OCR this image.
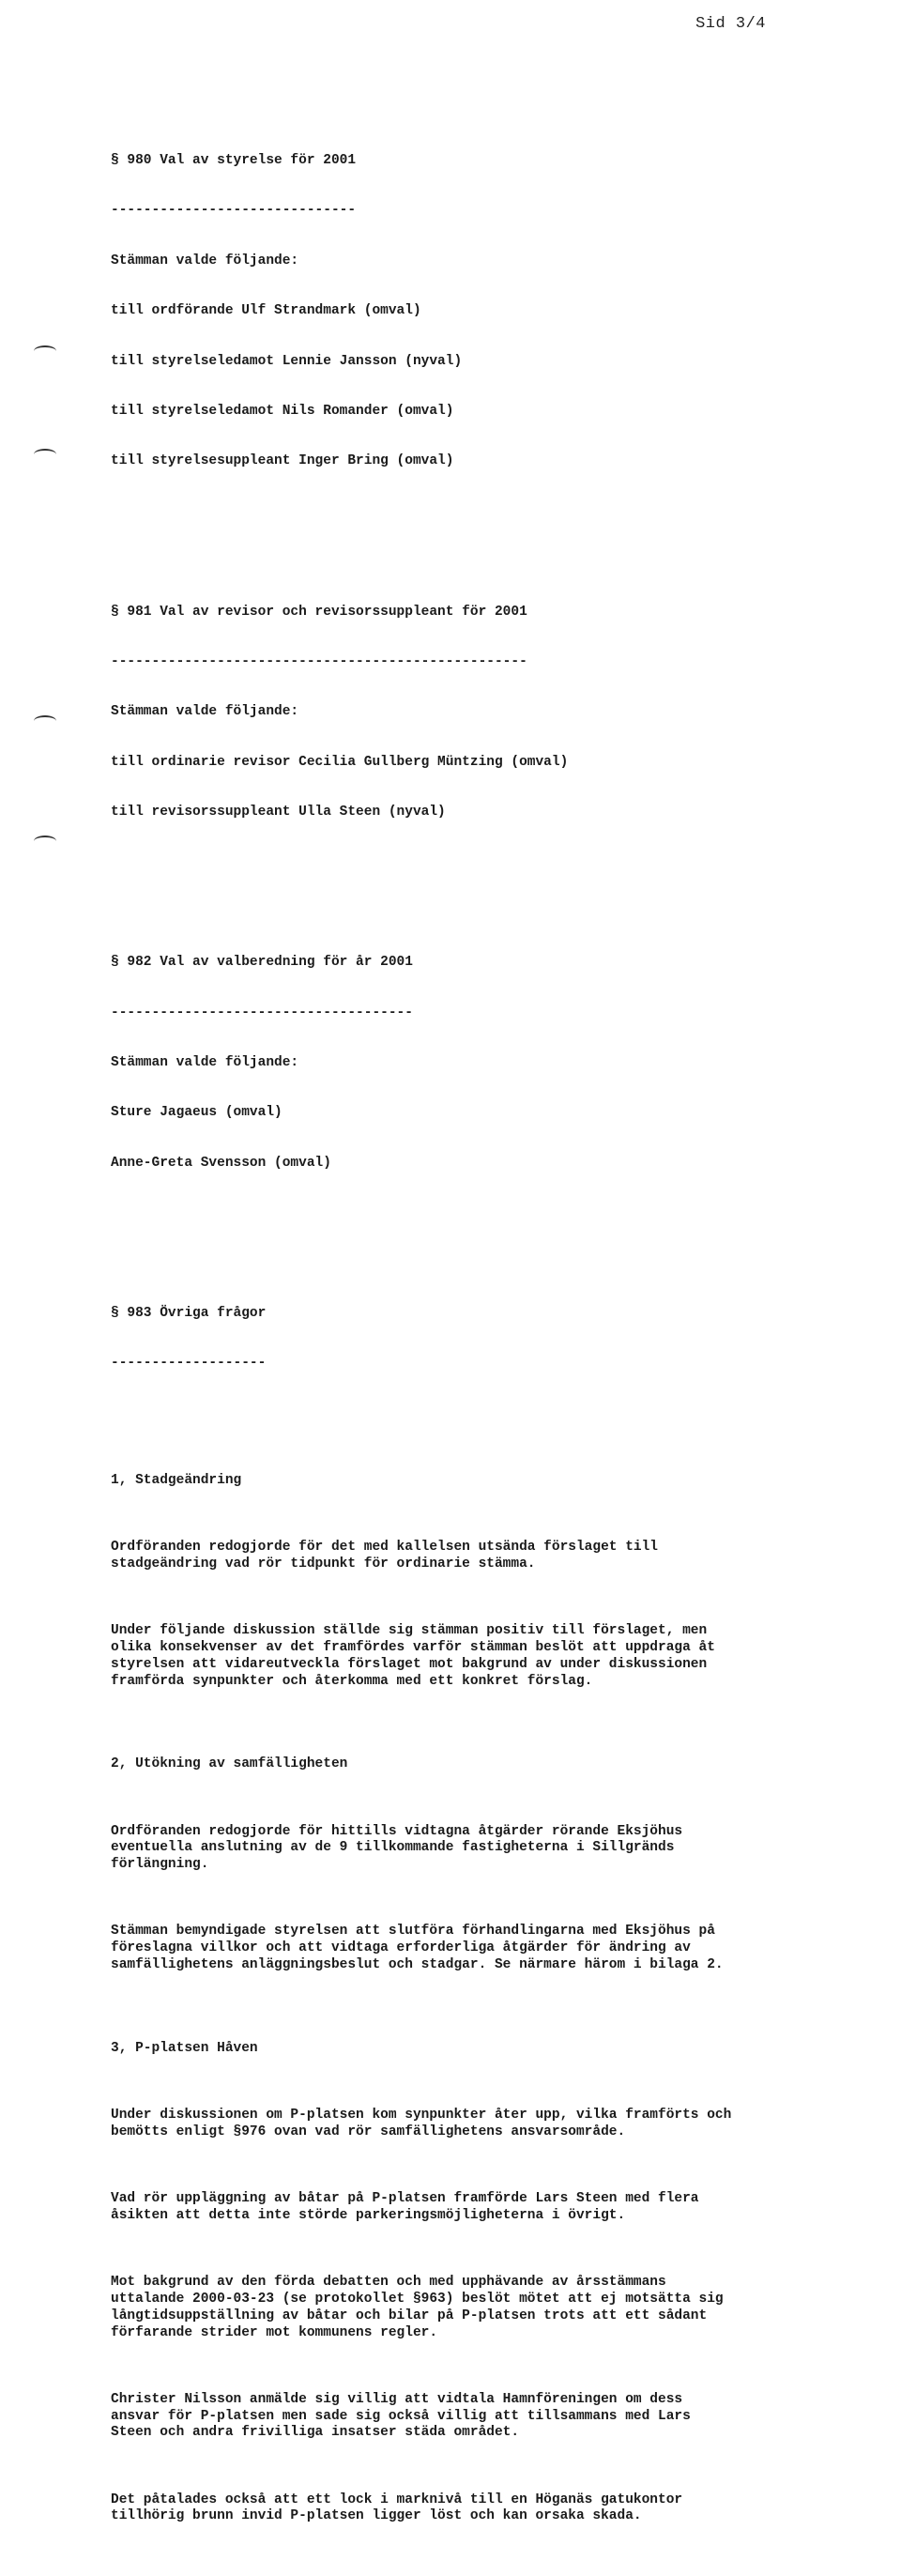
Sid 3/4

§ 980 Val av styrelse för 2001

------------------------------

Stämman valde följande:

till ordförande Ulf Strandmark (omval)

till styrelseledamot Lennie Jansson (nyval)

till styrelseledamot Nils Romander (omval)

till styrelsesuppleant Inger Bring (omval)

§ 981 Val av revisor och revisorssuppleant för 2001

---------------------------------------------------

Stämman valde följande:

till ordinarie revisor Cecilia Gullberg Müntzing (omval)

till revisorssuppleant Ulla Steen (nyval)

§ 982 Val av valberedning för år 2001

-------------------------------------

Stämman valde följande:

Sture Jagaeus (omval)

Anne-Greta Svensson (omval)

§ 983 Övriga frågor

-------------------

1, Stadgeändring

Ordföranden redogjorde för det med kallelsen utsända förslaget till
stadgeändring vad rör tidpunkt för ordinarie stämma.

Under följande diskussion ställde sig stämman positiv till förslaget, men
olika konsekvenser av det framfördes varför stämman beslöt att uppdraga åt
styrelsen att vidareutveckla förslaget mot bakgrund av under diskussionen
framförda synpunkter och återkomma med ett konkret förslag.

2, Utökning av samfälligheten

Ordföranden redogjorde för hittills vidtagna åtgärder rörande Eksjöhus
eventuella anslutning av de 9 tillkommande fastigheterna i Sillgränds
förlängning.

Stämman bemyndigade styrelsen att slutföra förhandlingarna med Eksjöhus på
föreslagna villkor och att vidtaga erforderliga åtgärder för ändring av
samfällighetens anläggningsbeslut och stadgar. Se närmare härom i bilaga 2.

3, P-platsen Håven

Under diskussionen om P-platsen kom synpunkter åter upp, vilka framförts och
bemötts enligt §976 ovan vad rör samfällighetens ansvarsområde.

Vad rör uppläggning av båtar på P-platsen framförde Lars Steen med flera
åsikten att detta inte störde parkeringsmöjligheterna i övrigt.

Mot bakgrund av den förda debatten och med upphävande av årsstämmans
uttalande 2000-03-23 (se protokollet §963) beslöt mötet att ej motsätta sig
långtidsuppställning av båtar och bilar på P-platsen trots att ett sådant
förfarande strider mot kommunens regler.

Christer Nilsson anmälde sig villig att vidtala Hamnföreningen om dess
ansvar för P-platsen men sade sig också villig att tillsammans med Lars
Steen och andra frivilliga insatser städa området.

Det påtalades också att ett lock i marknivå till en Höganäs gatukontor
tillhörig brunn invid P-platsen ligger löst och kan orsaka skada.
